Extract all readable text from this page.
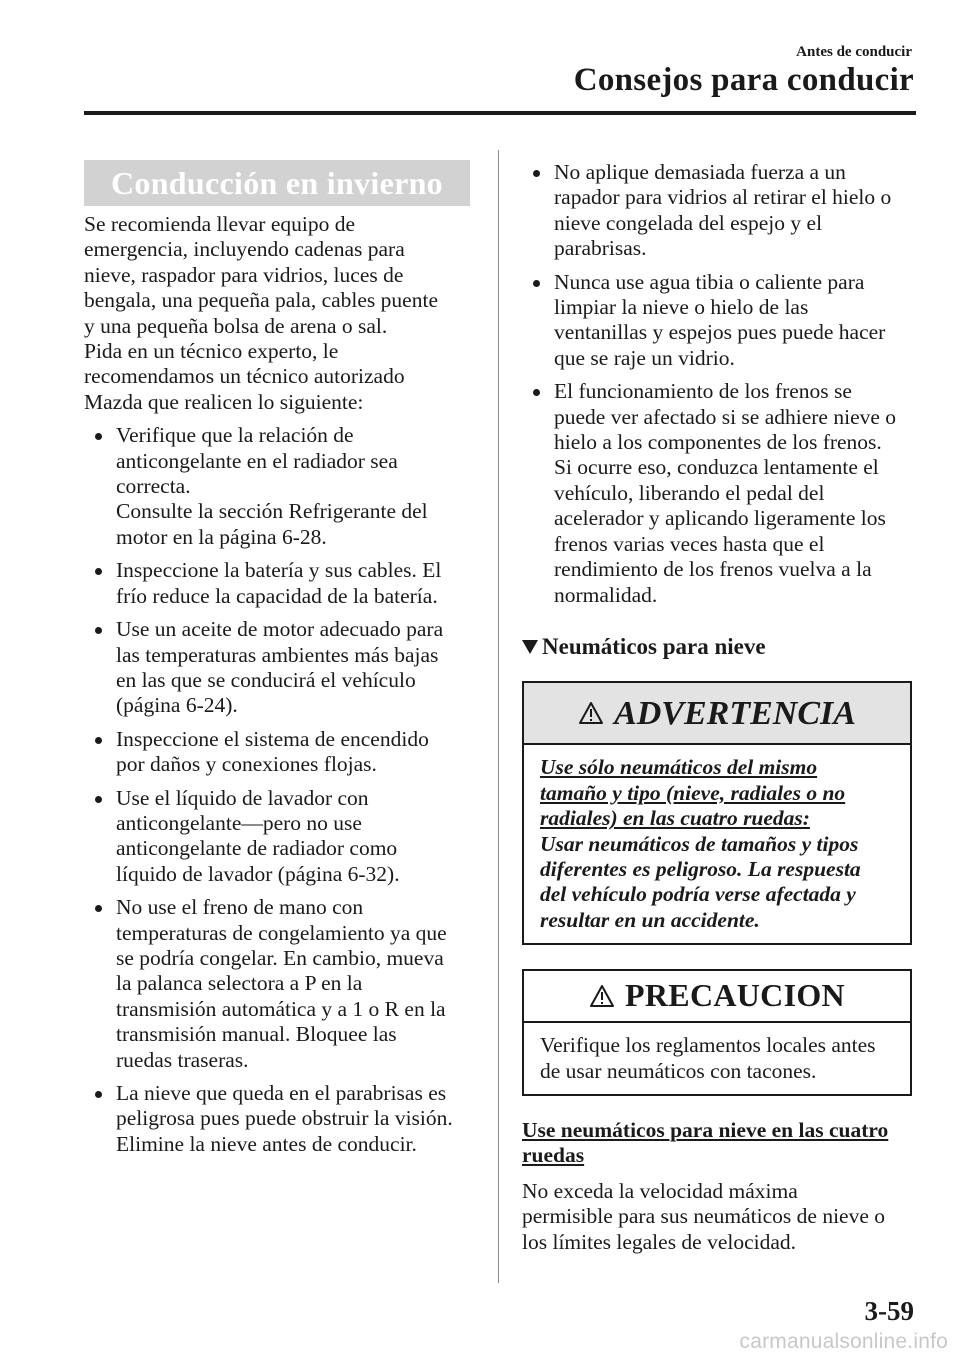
Antes de conducir
Consejos para conducir
Conducción en invierno

Se recomienda llevar equipo de
emergencia, incluyendo cadenas para
nieve, raspador para vidrios, luces de
bengala, una pequeña pala, cables puente
y una pequeña bolsa de arena o sal.
Pida en un técnico experto, le
recomendamos un técnico autorizado
Mazda que realicen lo siguiente:

Verifique que la relación de
anticongelante en el radiador sea
correcta.
Consulte la sección Refrigerante del
motor en la página 6-28.

Inspeccione la batería y sus cables. El
frío reduce la capacidad de la batería.

Use un aceite de motor adecuado para
las temperaturas ambientes más bajas
en las que se conducirá el vehículo
(página 6-24).

Inspeccione el sistema de encendido
por daños y conexiones flojas.

Use el líquido de lavador con
anticongelante―pero no use
anticongelante de radiador como
líquido de lavador (página 6-32).

No use el freno de mano con
temperaturas de congelamiento ya que
se podría congelar. En cambio, mueva
la palanca selectora a P en la
transmisión automática y a 1 o R en la
transmisión manual. Bloquee las
ruedas traseras.

La nieve que queda en el parabrisas es
peligrosa pues puede obstruir la visión.
Elimine la nieve antes de conducir.

No aplique demasiada fuerza a un
rapador para vidrios al retirar el hielo o
nieve congelada del espejo y el
parabrisas.

Nunca use agua tibia o caliente para
limpiar la nieve o hielo de las
ventanillas y espejos pues puede hacer
que se raje un vidrio.

El funcionamiento de los frenos se
puede ver afectado si se adhiere nieve o
hielo a los componentes de los frenos.
Si ocurre eso, conduzca lentamente el
vehículo, liberando el pedal del
acelerador y aplicando ligeramente los
frenos varias veces hasta que el
rendimiento de los frenos vuelva a la
normalidad.

Neumáticos para nieve
ADVERTENCIA
Use sólo neumáticos del mismo
tamaño y tipo (nieve, radiales o no
radiales) en las cuatro ruedas:
Usar neumáticos de tamaños y tipos
diferentes es peligroso. La respuesta
del vehículo podría verse afectada y
resultar en un accidente.

PRECAUCION
Verifique los reglamentos locales antes
de usar neumáticos con tacones.

Use neumáticos para nieve en las cuatro
ruedas

No exceda la velocidad máxima
permisible para sus neumáticos de nieve o
los límites legales de velocidad.

3-59
carmanualsonline.info
